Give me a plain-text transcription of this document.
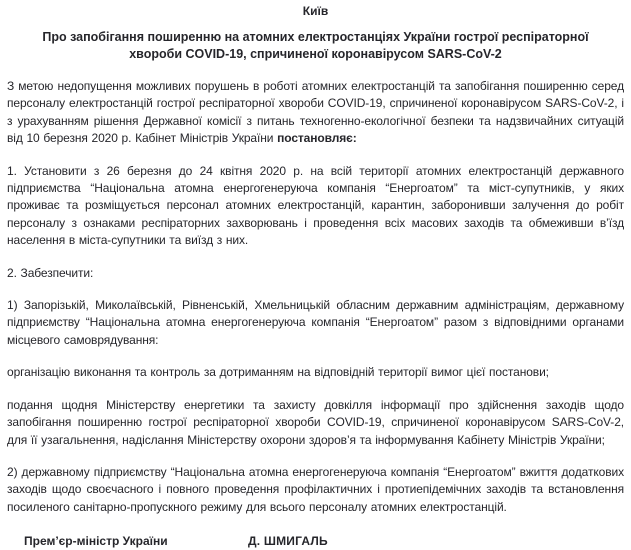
Київ

Про запобігання поширенню на атомних електростанціях України гострої респіраторної хвороби COVID-19, спричиненої коронавірусом SARS-CoV-2

З метою недопущення можливих порушень в роботі атомних електростанцій та запобігання поширенню серед персоналу електростанцій гострої респіраторної хвороби COVID-19, спричиненої коронавірусом SARS-CoV-2, і з урахуванням рішення Державної комісії з питань техногенно-екологічної безпеки та надзвичайних ситуацій від 10 березня 2020 р. Кабінет Міністрів України постановляє:

1. Установити з 26 березня до 24 квітня 2020 р. на всій території атомних електростанцій державного підприємства “Національна атомна енергогенеруюча компанія “Енергоатом” та міст-супутників, у яких проживає та розміщується персонал атомних електростанцій, карантин, заборонивши залучення до робіт персоналу з ознаками респіраторних захворювань і проведення всіх масових заходів та обмеживши в’їзд населення в міста-супутники та виїзд з них.

2. Забезпечити:

1) Запорізькій, Миколаївській, Рівненській, Хмельницькій обласним державним адміністраціям, державному підприємству “Національна атомна енергогенеруюча компанія “Енергоатом” разом з відповідними органами місцевого самоврядування:

організацію виконання та контроль за дотриманням на відповідній території вимог цієї постанови;

подання щодня Міністерству енергетики та захисту довкілля інформації про здійснення заходів щодо запобігання поширенню гострої респіраторної хвороби COVID-19, спричиненої коронавірусом SARS-CoV-2, для її узагальнення, надіслання Міністерству охорони здоров’я та інформування Кабінету Міністрів України;

2) державному підприємству “Національна атомна енергогенеруюча компанія “Енергоатом” вжиття додаткових заходів щодо своєчасного і повного проведення профілактичних і протиепідемічних заходів та встановлення посиленого санітарно-пропускного режиму для всього персоналу атомних електростанцій.

Прем’єр-міністр України	Д. ШМИГАЛЬ
